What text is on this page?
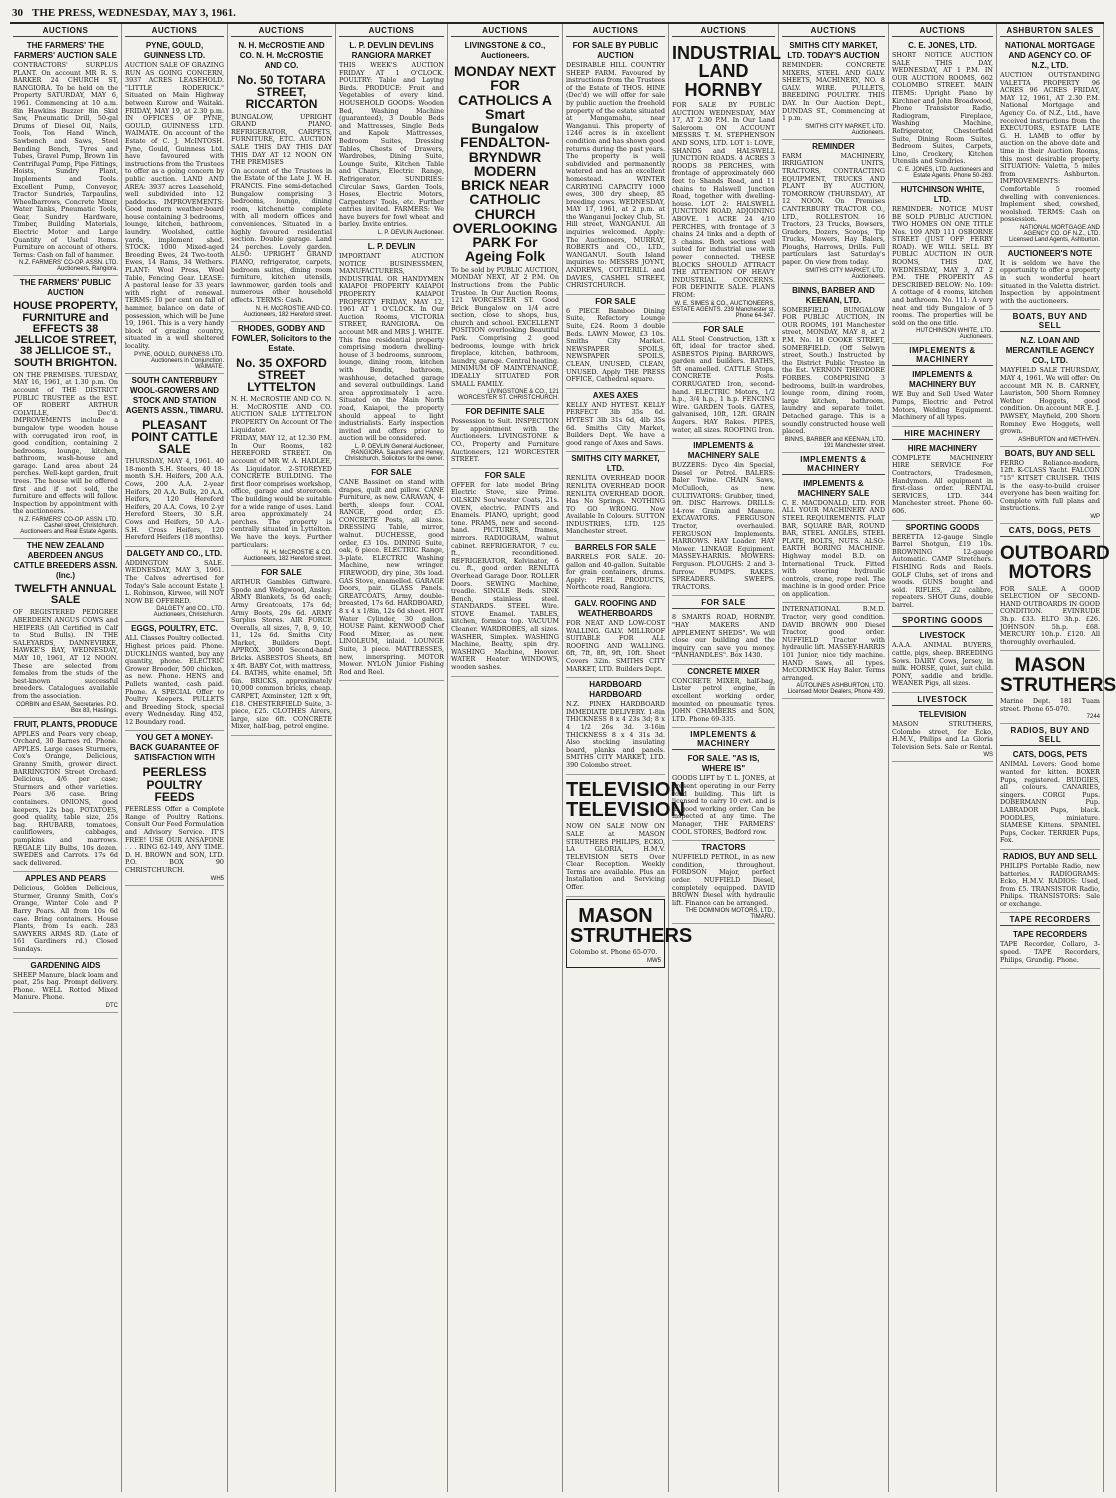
30 THE PRESS, WEDNESDAY, MAY 3, 1961.
AUCTIONS
THE FARMERS' THE FARMERS' AUCTION SALE
CONTRACTORS' SURPLUS PLANT. On account MR R. S. BARKER 24 CHURCH ST, RANGIORA. To be held on the Property SATURDAY, MAY 6, 1961. Commencing at 10 a.m. 8in Hawkins Buzzer 8in Skid Saw, Pneumatic Drill, 50-gal Drums of Diesel Oil, Nails, Tools, Ton Hand Winch, Sawbench and Saws, Steel Bending Bench, Tyres and Tubes, Gravel Pump, Brown 1in Centrifugal Pump, Pipe Fittings, Hoists, Sundry Plant, Implements and Tools. Excellent Pump, Conveyor, Tractor Sundries, Tarpaulins, Wheelbarrows, Concrete Mixer, Water Tanks, Pneumatic Tools, Gear, Sundry Hardware, Timber, Building Materials, Electric Motor and Large Quantity of Useful Items. Furniture on account of others. Terms: Cash on fall of hammer.
N.Z. FARMERS' CO-OP. ASSN. LTD. Auctioneers, Rangiora.
THE FARMERS' PUBLIC AUCTION
HOUSE PROPERTY, FURNITURE and EFFECTS 38 JELLICOE STREET, 38 JELLICOE ST., SOUTH BRIGHTON.
ON THE PREMISES. TUESDAY, MAY 16, 1961, at 1.30 p.m. On account of THE DISTRICT PUBLIC TRUSTEE as the EST. OF ROBERT ARTHUR COLVILLE, Dec'd. IMPROVEMENTS include a bungalow type wooden house with corrugated iron roof, in good condition, containing 2 bedrooms, lounge, kitchen, bathroom, wash-house and garage. Land area about 24 perches. Well-kept garden, fruit trees. The house will be offered first and if not sold, the furniture and effects will follow. Inspection by appointment with the auctioneers.
N.Z. FARMERS' CO-OP. ASSN. LTD. Cashel street, Christchurch. Auctioneers and Real Estate Agents.
THE NEW ZEALAND ABERDEEN ANGUS CATTLE BREEDERS ASSN. (Inc.)
TWELFTH ANNUAL SALE
OF REGISTERED PEDIGREE ABERDEEN ANGUS COWS and HEIFERS (All Certified in Calf to Stud Bulls). IN THE SALEYARDS, DANNEVIRKE, HAWKE'S BAY, WEDNESDAY, MAY 10, 1961, AT 12 NOON. These are selected from females from the studs of the best-known successful breeders. Catalogues available from the association.
CORBIN and ESAM, Secretaries. P.O. Box 83, Hastings.
FRUIT, PLANTS, PRODUCE
APPLES and Pears very cheap, Orchard, 30 Barnes rd. Phone. APPLES. Large cases Sturmers, Cox's Orange, Delicious, Granny Smith, grower direct. BARRINGTON Street Orchard. Delicious, 4/6 per case; Sturmers and other varieties. Pears 3/6 case. Bring containers. ONIONS, good keepers, 12s bag. POTATOES, good quality, table size, 25s bag. RHUBARB, tomatoes, cauliflowers, cabbages, pumpkins and marrows. REGALE Lily Bulbs, 10s dozen. SWEDES and Carrots. 17s 6d sack delivered.
APPLES AND PEARS
Delicious, Golden Delicious, Sturmer, Granny Smith, Cox's Orange, Winter Cole and P Barry Pears. All from 10s 6d case. Bring containers. House Plants, from 1s each. 283 SAWYERS ARMS RD. (Late of 161 Gardiners rd.) Closed Sundays.
GARDENING AIDS
SHEEP Manure, black loam and peat, 25s bag. Prompt delivery. Phone. WELL Rotted Mixed Manure. Phone.
DTC
AUCTIONS
PYNE, GOULD, GUINNESS LTD.
AUCTION SALE OF GRAZING RUN AS GOING CONCERN, 3937 ACRES LEASEHOLD. "LITTLE RODERICK." Situated on Main Highway between Kurow and Waitaki. FRIDAY, MAY 19, at 2.30 p.m. IN OFFICES OF PYNE, GOULD, GUINNESS LTD. WAIMATE. On account of the Estate of C. J. McINTOSH. Pyne, Gould, Guinness Ltd. have favoured with instructions from the Trustees to offer as a going concern by public auction. LAND AND AREA: 3937 acres Leasehold, well subdivided into 12 paddocks. IMPROVEMENTS: Good modern weather-board house containing 3 bedrooms, lounge, kitchen, bathroom, laundry. Woolshed, cattle yards, implement shed. STOCK: 1000 Mixed-aged Breeding Ewes, 24 Two-tooth Ewes, 14 Rams, 34 Wethers. PLANT: Wool Press, Wool Table, Fencing Gear. LEASE: A pastoral lease for 33 years with right of renewal. TERMS: 10 per cent on fall of hammer, balance on date of possession, which will be June 19, 1961. This is a very handy block of grazing country, situated in a well sheltered locality.
PYNE, GOULD, GUINNESS LTD. Auctioneers in Conjunction. WAIMATE.
SOUTH CANTERBURY WOOL-GROWERS AND STOCK AND STATION AGENTS ASSN., TIMARU.
PLEASANT POINT CATTLE SALE
THURSDAY, MAY 4, 1961. 40 18-month S.H. Steers, 40 18-month S.H. Heifers, 200 A.A. Cows, 200 A.A. 2-year Heifers, 20 A.A. Bulls, 20 A.A. Heifers, 120 Hereford Heifers, 20 A.A. Cows, 10 2-yr Hereford Steers, 30 S.H. Cows and Heifers, 50 A.A.-S.H. Cross Heifers, 120 Hereford Heifers (18 months).
DALGETY AND CO., LTD.
ADDINGTON SALE. WEDNESDAY, MAY 3, 1961. The Calves advertised for Today's Sale account Estate J. L. Robinson, Kirwee, will NOT NOW BE OFFERED.
DALGETY and CO., LTD. Auctioneers, Christchurch.
EGGS, POULTRY, ETC.
ALL Classes Poultry collected. Highest prices paid. Phone. DUCKLINGS wanted, buy any quantity, phone. ELECTRIC Grower Brooder, 500 chicken, as new. Phone. HENS and Pullets wanted, cash paid. Phone. A SPECIAL Offer to Poultry Keepers. PULLETS and Breeding Stock, special every Wednesday. Ring 452, 12 Boundary road.
YOU GET A MONEY-BACK GUARANTEE OF SATISFACTION WITH
PEERLESS POULTRY FEEDS
PEERLESS Offer a Complete Range of Poultry Rations. Consult Our Feed Formulation and Advisory Service. IT'S FREE! USE OUR ANSAFONE . . . RING 62-149, ANY TIME. D. H. BROWN and SON, LTD. P.O. BOX 90 CHRISTCHURCH.
WH5
AUCTIONS
N. H. McCROSTIE AND CO. N. H. McCROSTIE AND CO.
No. 50 TOTARA STREET, RICCARTON
BUNGALOW, UPRIGHT GRAND PIANO, REFRIGERATOR, CARPETS, FURNITURE, ETC. AUCTION SALE THIS DAY THIS DAY THIS DAY AT 12 NOON ON THE PREMISES
On account of the Trustees in the Estate of the Late J. W. H. FRANCIS. Fine semi-detached Bungalow comprising 3 bedrooms, lounge, dining room, kitchenette complete with all modern offices and conveniences. Situated in a highly favoured residential section. Double garage. Land 24 perches. Lovely garden. ALSO: UPRIGHT GRAND PIANO, refrigerator, carpets, bedroom suites, dining room furniture, kitchen utensils, lawnmower, garden tools and numerous other household effects. TERMS: Cash.
N. H. McCROSTIE AND CO. Auctioneers, 182 Hereford street.
RHODES, GODBY AND FOWLER, Solicitors to the Estate.
No. 35 OXFORD STREET LYTTELTON
N. H. McCROSTIE AND CO. N. H. McCROSTIE AND CO. AUCTION SALE LYTTELTON PROPERTY On Account Of The Liquidator.
FRIDAY, MAY 12, at 12.30 P.M. In Our Rooms, 182 HEREFORD STREET. On account of MR W. A. HADLEE, As Liquidator. 2-STOREYED CONCRETE BUILDING. The first floor comprises workshop, office, garage and storeroom. The building would be suitable for a wide range of uses. Land area approximately 24 perches. The property is centrally situated in Lyttelton. We have the keys. Further particulars:
N. H. McCROSTIE & CO. Auctioneers, 182 Hereford street.
FOR SALE
ARTHUR Gambles Giftware. Spode and Wedgwood, Ansley. ARMY Blankets, 5s 6d each; Army Greatcoats, 17s 6d; Army Boots, 29s 6d. ARMY Surplus Stores. AIR FORCE Overalls, all sizes, 7, 8, 9, 10, 11, 12s 6d. Smiths City Market, Builders Dept. APPROX. 3000 Second-hand Bricks. ASBESTOS Sheets, 8ft x 4ft. BABY Cot, with mattress, £4. BATHS, white enamel, 5ft 6in. BRICKS, approximately 10,000 common bricks, cheap. CARPET, Axminster, 12ft x 9ft, £18. CHESTERFIELD Suite, 3-piece, £25. CLOTHES Airers, large, size 6ft. CONCRETE Mixer, half-bag, petrol engine.
AUCTIONS
L. P. DEVLIN DEVLINS RANGIORA MARKET
THIS WEEK'S AUCTION FRIDAY AT 1 O'CLOCK. POULTRY: Table and Laying Birds. PRODUCE: Fruit and Vegetables of every kind. HOUSEHOLD GOODS: Wooden Bed, Washing Machine (guaranteed), 3 Double Beds and Mattresses, Single Beds and Kapok Mattresses, Bedroom Suites, Dressing Tables, Chests of Drawers, Wardrobes, Dining Suite, Lounge Suite, Kitchen Table and Chairs, Electric Range, Refrigerator. SUNDRIES: Circular Saws, Garden Tools, Hoses, Electric Motors, Carpenters' Tools, etc. Further entries invited. FARMERS: We have buyers for fowl wheat and barley. Invite entries.
L. P. DEVLIN Auctioneer.
L. P. DEVLIN
IMPORTANT AUCTION NOTICE BUSINESSMEN, MANUFACTURERS, INDUSTRIAL OR HANDYMEN KAIAPOI PROPERTY KAIAPOI PROPERTY KAIAPOI PROPERTY FRIDAY, MAY 12, 1961 AT 1 O'CLOCK. In Our Auction Rooms, VICTORIA STREET, RANGIORA. On account MR and MRS J. WHITE. This fine residential property comprising modern dwelling-house of 3 bedrooms, sunroom, lounge, dining room, kitchen with Bendix, bathroom, washhouse, detached garage and several outbuildings. Land area approximately 1 acre. Situated on the Main North road, Kaiapoi, the property should appeal to light industrialists. Early inspection invited and offers prior to auction will be considered.
L. P. DEVLIN General Auctioneer, RANGIORA. Saunders and Heney, Christchurch, Solicitors for the owner.
FOR SALE
CANE Bassinet on stand with drapes, quilt and pillow. CANE Furniture, as new. CARAVAN, 4-berth, sleeps four. COAL RANGE, good order, £5. CONCRETE Posts, all sizes. DRESSING Table, mirror, walnut. DUCHESSE, good order, £3 10s. DINING Suite, oak, 6 piece. ELECTRIC Range, 3-plate. ELECTRIC Washing Machine, new wringer. FIREWOOD, dry pine, 30s load. GAS Stove, enamelled. GARAGE Doors, pair. GLASS Panels. GREATCOATS, Army, double-breasted, 17s 6d. HARDBOARD, 8 x 4 x 1/8in, 12s 6d sheet. HOT Water Cylinder, 30 gallon. HOUSE Paint. KENWOOD Chef Food Mixer, as new. LINOLEUM, inlaid. LOUNGE Suite, 3 piece. MATTRESSES, new, innerspring. MOTOR Mower. NYLON Junior Fishing Rod and Reel.
AUCTIONS
LIVINGSTONE & CO., Auctioneers.
MONDAY NEXT FOR CATHOLICS A Smart Bungalow FENDALTON-BRYNDWR MODERN BRICK NEAR CATHOLIC CHURCH OVERLOOKING PARK For Ageing Folk
To be sold by PUBLIC AUCTION, MONDAY NEXT, AT 2 P.M. On Instructions from the Public Trustee. In Our Auction Rooms, 121 WORCESTER ST. Good Brick Bungalow on 1/4 acre section, close to shops, bus, church and school. EXCELLENT POSITION overlooking Beautiful Park. Comprising 2 good bedrooms, lounge with brick fireplace, kitchen, bathroom, laundry, garage. Central heating. MINIMUM OF MAINTENANCE, IDEALLY SITUATED FOR SMALL FAMILY.
LIVINGSTONE & CO., 121 WORCESTER ST. CHRISTCHURCH.
FOR DEFINITE SALE
Possession to Suit. INSPECTION by appointment with the Auctioneers. LIVINGSTONE & CO., Property and Furniture Auctioneers, 121 WORCESTER STREET.
FOR SALE
OFFER for late model Bring Electric Stove, size Prime. OILSKIN Sou'wester Coats, 21s. OVEN, electric. PAINTS and Enamels. PIANO, upright, good tone. PRAMS, new and second-hand. PICTURES, frames, mirrors. RADIOGRAM, walnut cabinet. REFRIGERATOR, 7 cu. ft., reconditioned. REFRIGERATOR, Kelvinator, 6 cu. ft., good order. RENLITA Overhead Garage Door. ROLLER Doors. SEWING Machine, treadle. SINGLE Beds. SINK Bench, stainless steel. STANDARDS. STEEL Wire. STOVE Enamel. TABLES, kitchen, formica top. VACUUM Cleaner. WARDROBES, all sizes. WASHER, Simplex. WASHING Machine, Beatty, spin dry. WASHING Machine, Hoover. WATER Heater. WINDOWS, wooden sashes.
AUCTIONS
FOR SALE BY PUBLIC AUCTION
DESIRABLE HILL COUNTRY SHEEP FARM. Favoured by instructions from the Trustees of the Estate of THOS. HINE (Dec'd) we will offer for sale by public auction the freehold property of the estate situated at Mangamahu, near Wanganui. This property of 1246 acres is in excellent condition and has shown good returns during the past years. The property is well subdivided and permanently watered and has an excellent homestead. WINTER CARRYING CAPACITY 1000 ewes, 300 dry sheep, 85 breeding cows. WEDNESDAY, MAY 17, 1961, at 2 p.m. at the Wanganui Jockey Club, St. Hill street, WANGANUI. All inquiries welcomed. Apply: The Auctioneers, MURRAY, ROBERTS and CO., LTD., WANGANUI. South Island inquiries to: MESSRS JOYNT, ANDREWS, COTTERILL and DAVIES, CASHEL STREET, CHRISTCHURCH.
FOR SALE
6 PIECE Bamboo Dining Suite, Refectory Lounge Suite, £24. Room 3 double Beds. LAWN Mower, £3 10s. Smiths City Market. NEWSPAPER SPOILS, NEWSPAPER SPOILS, CLEAN, UNUSED, CLEAN, UNUSED. Apply THE PRESS OFFICE, Cathedral square.
AXES AXES
KELLY AND HYTEST. KELLY PERFECT 3lb 35s 6d. HYTEST 3lb 31s 6d, 4lb 35s 6d. Smiths City Market, Builders Dept. We have a good range of Axes and Saws.
SMITHS CITY MARKET, LTD.
RENLITA OVERHEAD DOOR RENLITA OVERHEAD DOOR RENLITA OVERHEAD DOOR. Has No Springs. NOTHING TO GO WRONG. Now Available In Colours. SUTTON INDUSTRIES, LTD. 125 Manchester street.
BARRELS FOR SALE
BARRELS FOR SALE. 20-gallon and 40-gallon. Suitable for grain containers, drums. Apply: PEEL PRODUCTS, Northcote road, Rangiora.
GALV. ROOFING AND WEATHERBOARDS
FOR NEAT AND LOW-COST WALLING. GALV. MILLROOF SUITABLE FOR ALL ROOFING AND WALLING. 6ft, 7ft, 8ft, 9ft, 10ft. Sheet Covers 32in. SMITHS CITY MARKET, LTD. Builders Dept.
HARDBOARD HARDBOARD
N.Z. PINEX HARDBOARD IMMEDIATE DELIVERY. 1-8in THICKNESS 8 x 4 23s 3d; 8 x 4 1/2 26s 3d. 3-16in THICKNESS 8 x 4 31s 3d. Also stocking insulating board, planks and panels. SMITHS CITY MARKET, LTD. 390 Colombo street.
TELEVISION TELEVISION
NOW ON SALE NOW ON SALE at MASON STRUTHERS PHILIPS, ECKO, LA GLORIA, H.M.V. TELEVISION SETS Over Clear Reception. Weekly Terms are available. Plus an Installation and Servicing Offer.
MASON STRUTHERS
Colombo st. Phone 65-070.
MW5
AUCTIONS
INDUSTRIAL LAND HORNBY
FOR SALE BY PUBLIC AUCTION WEDNESDAY, MAY 17, AT 2.30 P.M. In Our Land Saleroom ON ACCOUNT MESSRS T. M. STEPHENSON AND SONS, LTD. LOT 1: LOVE, SHANDS and HALSWELL JUNCTION ROADS. 4 ACRES 3 ROODS 38 PERCHES, with frontage of approximately 660 feet to Shands Road, and 11 chains to Halswell Junction Road, together with dwelling-house. LOT 2: HALSWELL JUNCTION ROAD, ADJOINING ABOVE. 1 ACRE 24 4/10 PERCHES, with frontage of 3 chains 24 links and a depth of 3 chains. Both sections well suited for industrial use with power connected. THESE BLOCKS SHOULD ATTRACT THE ATTENTION OF HEAVY INDUSTRIAL CONCERNS. FOR DEFINITE SALE. PLANS FROM:
W. E. SIMES & CO., AUCTIONEERS, ESTATE AGENTS. 239 Manchester st. Phone 64-347.
FOR SALE
ALL Steel Construction, 13ft x 6ft, ideal for tractor shed. ASBESTOS Piping. BARROWS, garden and builders. BATHS, 5ft enamelled. CATTLE Stops. CONCRETE Posts. CORRUGATED Iron, second-hand. ELECTRIC Motors, 1/2 h.p., 3/4 h.p., 1 h.p. FENCING Wire. GARDEN Tools. GATES, galvanised, 10ft, 12ft. GRAIN Augers. HAY Rakes. PIPES, water, all sizes. ROOFING Iron.
IMPLEMENTS & MACHINERY SALE
BUZZERS: Dyco 4in Special, Diesel or Petrol. BALERS: Baler Twine. CHAIN Saws, McCulloch, as new. CULTIVATORS: Grubber, tined, 9ft. DISC Harrows. DRILLS: 14-row Grain and Manure. EXCAVATORS. FERGUSON Tractor, overhauled. FERGUSON Implements. HARROWS. HAY Loader. HAY Mower. LINKAGE Equipment. MASSEY-HARRIS. MOWERS: Ferguson. PLOUGHS: 2 and 3-furrow. PUMPS. RAKES. SPREADERS. SWEEPS. TRACTORS.
FOR SALE
8 SMARTS ROAD, HORNBY. "HAY MAKERS AND APPLEMENT SHEDS". We will close our building and the inquiry can save you money. "PANHANDLES". Box 1430.
CONCRETE MIXER
CONCRETE MIXER, half-bag, Lister petrol engine, in excellent working order, mounted on pneumatic tyres. JOHN CHAMBERS and SON, LTD. Phone 69-335.
IMPLEMENTS & MACHINERY
FOR SALE. "AS IS, WHERE IS"
GOODS LIFT by T. L. JONES, at present operating in our Ferry road building. This lift is licensed to carry 10 cwt. and is in good working order. Can be inspected at any time. The Manager, THE FARMERS' COOL STORES, Bedford row.
TRACTORS
NUFFIELD PETROL, in as new condition, throughout. FORDSON Major, perfect order. NUFFIELD Diesel, completely equipped. DAVID BROWN Diesel with hydraulic lift. Finance can be arranged.
THE DOMINION MOTORS, LTD., TIMARU.
AUCTIONS
SMITHS CITY MARKET, LTD. TODAY'S AUCTION
REMINDER: CONCRETE MIXERS, STEEL AND GALV. SHEETS, MACHINERY, NO. 8 GALV. WIRE. PULLETS, BREEDING POULTRY. THIS DAY. In Our Auction Dept., DUNDAS ST., Commencing at 1 p.m.
SMITHS CITY MARKET, LTD. Auctioneers.
REMINDER
FARM MACHINERY, IRRIGATION UNITS, TRACTORS, CONTRACTING EQUIPMENT, TRUCKS AND PLANT BY AUCTION, TOMORROW (THURSDAY), AT 12 NOON. On Premises CANTERBURY TRACTOR CO., LTD., ROLLESTON. 16 Tractors, 23 Trucks, Bowsers, Graders, Dozers, Scoops, Tip Trucks, Mowers, Hay Balers, Ploughs, Harrows, Drills. Full particulars last Saturday's paper. On view from today.
SMITHS CITY MARKET, LTD. Auctioneers.
BINNS, BARBER AND KEENAN, LTD.
SOMERFIELD BUNGALOW FOR PUBLIC AUCTION, IN OUR ROOMS, 191 Manchester street, MONDAY, MAY 8, at 2 P.M. No. 18 COOKE STREET, SOMERFIELD. (Off Selwyn street, South.) Instructed by the District Public Trustee in the Est. VERNON THEODORE FORBES. COMPRISING 3 bedrooms, built-in wardrobes, lounge room, dining room, large kitchen, bathroom, laundry and separate toilet. Detached garage. This is a soundly constructed house well placed.
BINNS, BARBER and KEENAN, LTD. 191 Manchester street.
IMPLEMENTS & MACHINERY
IMPLEMENTS & MACHINERY SALE
C. E. MACDONALD, LTD. FOR ALL YOUR MACHINERY AND STEEL REQUIREMENTS. FLAT BAR, SQUARE BAR, ROUND BAR, STEEL ANGLES, STEEL PLATE, BOLTS, NUTS. ALSO: EARTH BORING MACHINE. Highway model B.D. on International Truck. Fitted with steering hydraulic controls, crane, rope reel. The machine is in good order. Price on application.
INTERNATIONAL B.M.D. Tractor, very good condition. DAVID BROWN 900 Diesel Tractor, good order. NUFFIELD Tractor with hydraulic lift. MASSEY-HARRIS 101 Junior, nice tidy machine. HAND Saws, all types. McCORMICK Hay Baler. Terms arranged.
AUTOLINES ASHBURTON, LTD. Licensed Motor Dealers, Phone 439.
AUCTIONS
C. E. JONES, LTD.
SHORT NOTICE AUCTION SALE THIS DAY, WEDNESDAY, AT 1 P.M. IN OUR AUCTION ROOMS, 662 COLOMBO STREET. MAIN ITEMS: Upright Piano by Kirchner and John Broadwood, Phone Transistor Radio, Radiogram, Fireplace, Washing Machine, Refrigerator, Chesterfield Suite, Dining Room Suites, Bedroom Suites, Carpets, Lino, Crockery, Kitchen Utensils and Sundries.
C. E. JONES, LTD. Auctioneers and Estate Agents. Phone 50-263.
HUTCHINSON WHITE, LTD.
REMINDER: NOTICE MUST BE SOLD PUBLIC AUCTION. TWO HOMES ON ONE TITLE Nos. 109 AND 111 OSBORNE STREET (JUST OFF FERRY ROAD). WE WILL SELL BY PUBLIC AUCTION IN OUR ROOMS, THIS DAY, WEDNESDAY, MAY 3, AT 2 P.M. THE PROPERTY AS DESCRIBED BELOW: No. 109: A cottage of 4 rooms, kitchen and bathroom. No. 111: A very neat and tidy Bungalow of 5 rooms. The properties will be sold on the one title.
HUTCHINSON WHITE, LTD. Auctioneers.
IMPLEMENTS & MACHINERY
IMPLEMENTS & MACHINERY BUY
WE Buy and Sell Used Water Pumps, Electric and Petrol Motors, Welding Equipment. Machinery of all types.
HIRE MACHINERY
HIRE MACHINERY
COMPLETE MACHINERY HIRE SERVICE For Contractors, Tradesmen, Handymen. All equipment in first-class order. RENTAL SERVICES, LTD. 344 Manchester street. Phone 60-606.
SPORTING GOODS
BERETTA 12-gauge Single Barrel Shotgun, £19 10s. BROWNING 12-gauge Automatic. CAMP Stretchers. FISHING Rods and Reels. GOLF Clubs, set of irons and woods. GUNS bought and sold. RIFLES, .22 calibre, repeaters. SHOT Guns, double barrel.
SPORTING GOODS
LIVESTOCK
A.A.A. ANIMAL BUYERS, cattle, pigs, sheep. BREEDING Sows. DAIRY Cows, Jersey, in milk. HORSE, quiet, suit child. PONY, saddle and bridle. WEANER Pigs, all sizes.
LIVESTOCK
TELEVISION
MASON STRUTHERS, Colombo street, for Ecko, H.M.V., Philips and La Gloria Television Sets. Sale or Rental.
WS
ASHBURTON SALES
NATIONAL MORTGAGE AND AGENCY CO. OF N.Z., LTD.
AUCTION OUTSTANDING VALETTA PROPERTY 96 ACRES 96 ACRES FRIDAY, MAY 12, 1961, AT 2.30 P.M. National Mortgage and Agency Co. of N.Z., Ltd., have received instructions from the EXECUTORS, ESTATE LATE G. H. LAMB to offer by auction on the above date and time in their Auction Rooms, this most desirable property. SITUATION: Valetta, 5 miles from Ashburton. IMPROVEMENTS: Comfortable 5 roomed dwelling with conveniences. Implement shed, cowshed, woolshed. TERMS: Cash on possession.
NATIONAL MORTGAGE AND AGENCY CO. OF N.Z., LTD. Licensed Land Agents, Ashburton.
AUCTIONEER'S NOTE
It is seldom we have the opportunity to offer a property in such wonderful heart situated in the Valetta district. Inspection by appointment with the auctioneers.
BOATS, BUY AND SELL
N.Z. LOAN AND MERCANTILE AGENCY CO., LTD.
MAYFIELD SALE THURSDAY, MAY 4, 1961. We will offer: On account MR N. B. CARNEY, Lauriston, 500 Shorn Romney Wether Hoggets, good condition. On account MR E. J. PAWSEY, Mayfield, 200 Shorn Romney Ewe Hoggets, well grown.
ASHBURTON and METHVEN.
BOATS, BUY AND SELL
FERRO Reliance-modern, 12ft. K-CLASS Yacht. FALCON "15" KITSET CRUISER. THIS is the easy-to-build cruiser everyone has been waiting for. Complete with full plans and instructions.
WP
CATS, DOGS, PETS
OUTBOARD MOTORS
FOR SALE. A GOOD SELECTION OF SECOND-HAND OUTBOARDS IN GOOD CONDITION. EVINRUDE 3h.p. £33. ELTO 3h.p. £26. JOHNSON 5h.p. £68. MERCURY 10h.p. £120. All thoroughly overhauled.
MASON STRUTHERS
Marine Dept. 181 Tuam street. Phone 65-070.
7244
RADIOS, BUY AND SELL
CATS, DOGS, PETS
ANIMAL Lovers: Good home wanted for kitten. BOXER Pups, registered. BUDGIES, all colours. CANARIES, singers. CORGI Pups. DOBERMANN Pup. LABRADOR Pups, black. POODLES, miniature. SIAMESE Kittens. SPANIEL Pups, Cocker. TERRIER Pups, Fox.
RADIOS, BUY AND SELL
PHILIPS Portable Radio, new batteries. RADIOGRAMS: Ecko, H.M.V. RADIOS: Used, from £5. TRANSISTOR Radio, Philips. TRANSISTORS: Sale or exchange.
TAPE RECORDERS
TAPE RECORDERS
TAPE Recorder, Collaro, 3-speed. TAPE Recorders, Philips, Grundig. Phone.
